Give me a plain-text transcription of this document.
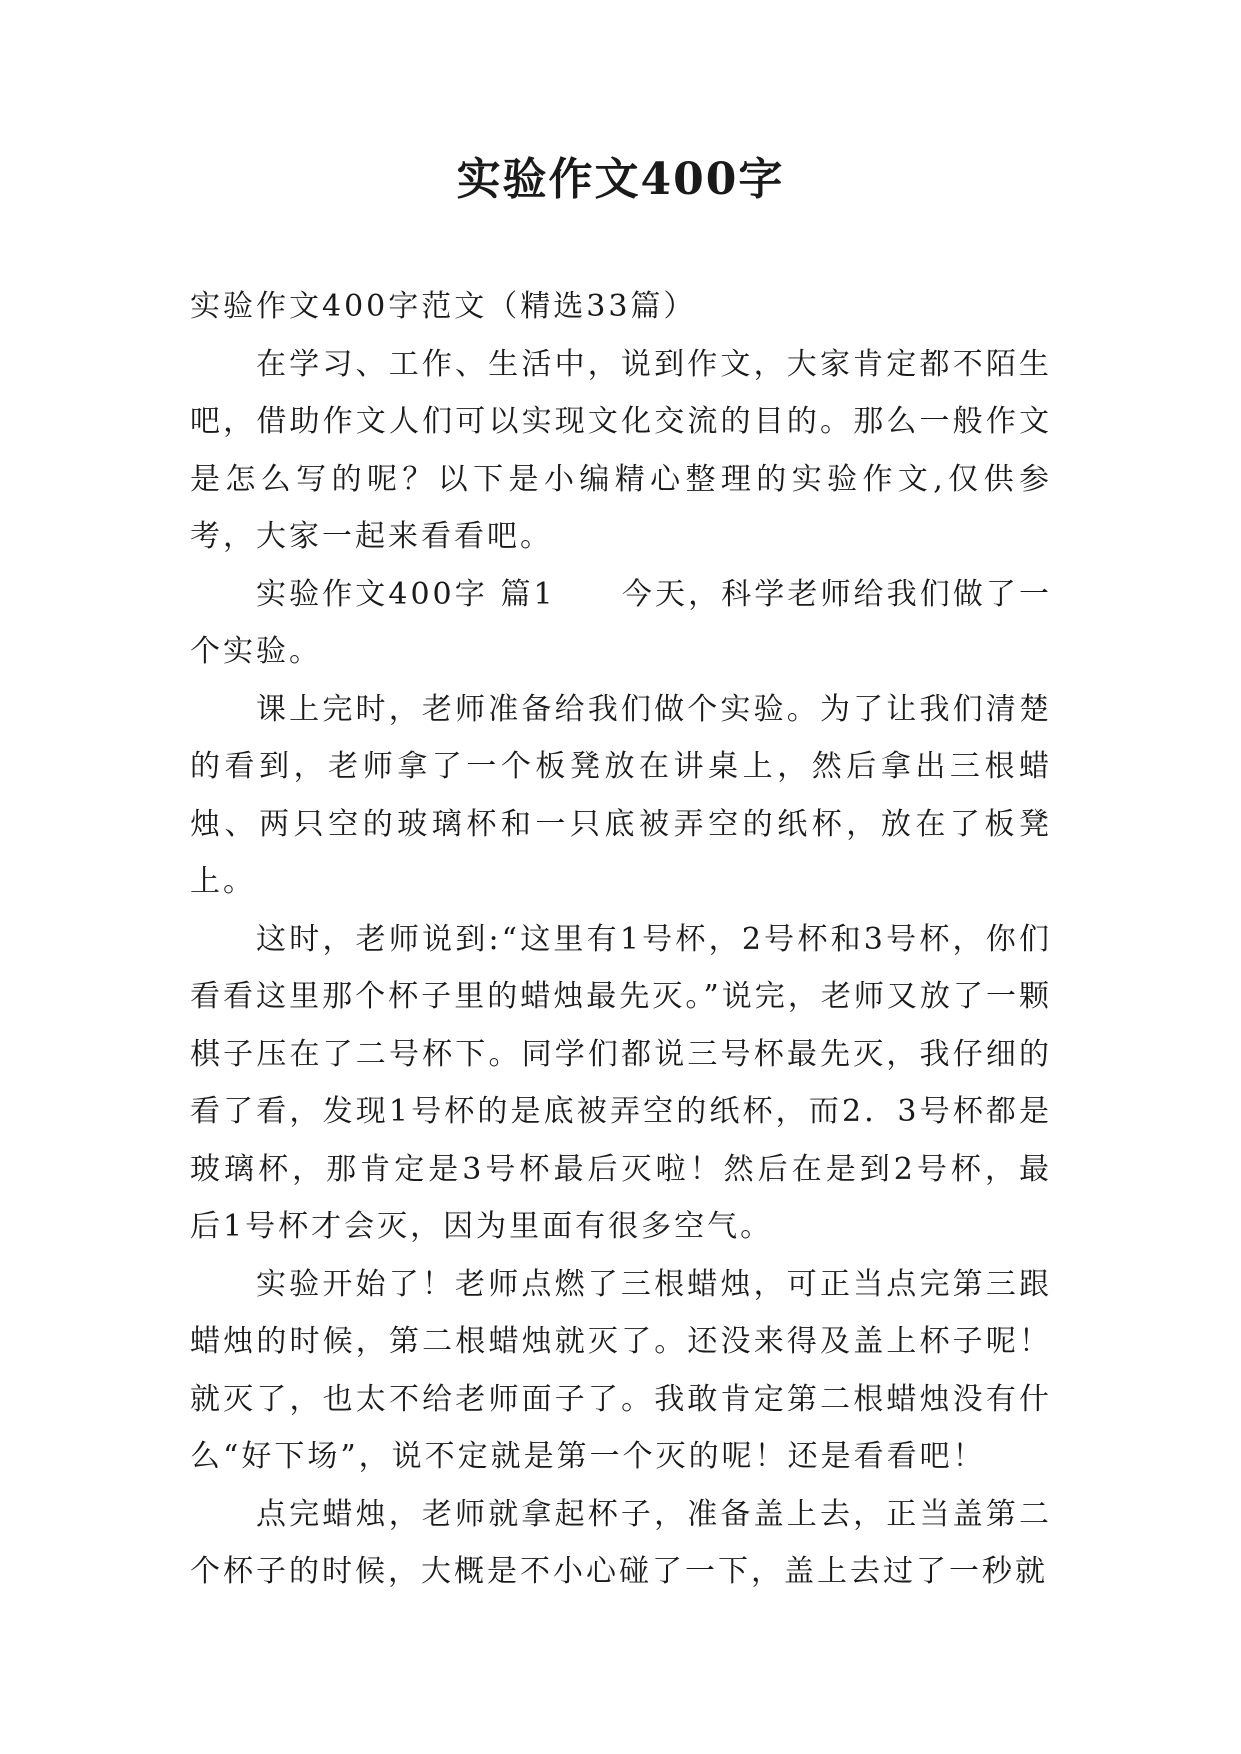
实验作文400字

实验作文400字范文（精选33篇）

在学习、工作、生活中，说到作文，大家肯定都不陌生吧，借助作文人们可以实现文化交流的目的。那么一般作文是怎么写的呢？以下是小编精心整理的实验作文,仅供参考，大家一起来看看吧。

实验作文400字 篇1　　今天，科学老师给我们做了一个实验。

课上完时，老师准备给我们做个实验。为了让我们清楚的看到，老师拿了一个板凳放在讲桌上，然后拿出三根蜡烛、两只空的玻璃杯和一只底被弄空的纸杯，放在了板凳上。

这时，老师说到:“这里有1号杯，2号杯和3号杯，你们看看这里那个杯子里的蜡烛最先灭。”说完，老师又放了一颗棋子压在了二号杯下。同学们都说三号杯最先灭，我仔细的看了看，发现1号杯的是底被弄空的纸杯，而2．3号杯都是玻璃杯，那肯定是3号杯最后灭啦！然后在是到2号杯，最后1号杯才会灭，因为里面有很多空气。

实验开始了！老师点燃了三根蜡烛，可正当点完第三跟蜡烛的时候，第二根蜡烛就灭了。还没来得及盖上杯子呢！就灭了，也太不给老师面子了。我敢肯定第二根蜡烛没有什么“好下场”，说不定就是第一个灭的呢！还是看看吧！

点完蜡烛，老师就拿起杯子，准备盖上去，正当盖第二个杯子的时候，大概是不小心碰了一下，盖上去过了一秒就
